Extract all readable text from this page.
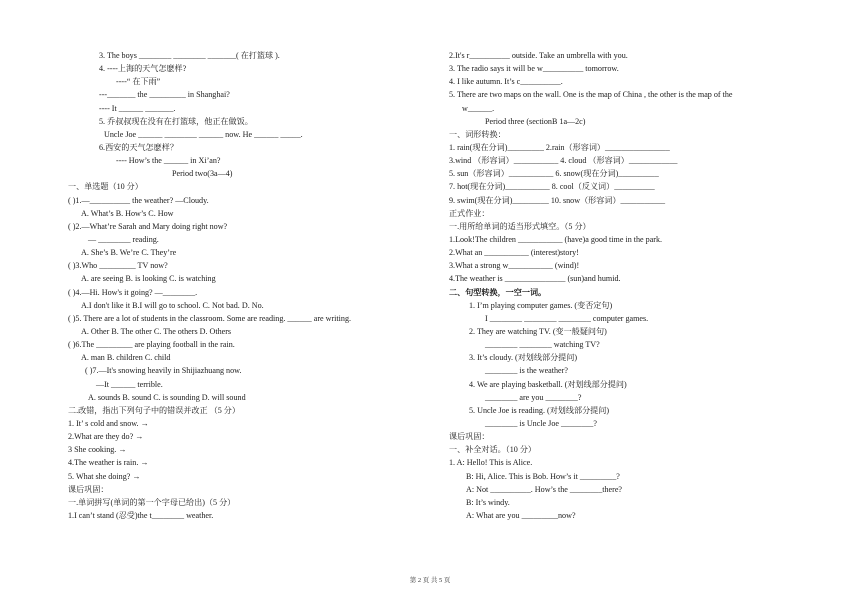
3. The boys ________ ________ _______( 在打篮球 ).
4. ----上海的天气怎麽样?
----“ 在下雨”
---_______ the _________ in Shanghai?
---- It ______ _______.
5. 乔叔叔现在没有在打篮球，他正在做饭。
Uncle Joe ______ ________ ______ now. He ______ _____.
6.西安的天气怎麽样？
---- How’s the ______ in Xi’an?
Period two(3a—4)
一、单选题（10 分）
( )1.—__________ the weather? —Cloudy.
A. What’s B. How’s C. How
( )2.—What’re Sarah and Mary doing right now?
— ________ reading.
A. She’s B. We’re C. They’re
( )3.Who _________ TV now?
A. are seeing B. is looking C. is watching
( )4.—Hi. How's it going? —________.
A.I don't like it B.I will go to school. C. Not bad. D. No.
( )5. There are a lot of students in the classroom. Some are reading. ______ are writing.
A. Other B. The other C. The others D. Others
( )6.The _________ are playing football in the rain.
A. man B. children C. child
( )7.—It's snowing heavily in Shijiazhuang now.
—It ______ terrible.
A. sounds B. sound C. is sounding D. will sound
二.改错，指出下列句子中的错误并改正 （5 分）
1. It’ s cold and snow. →
2.What are they do? →
3 She cooking. →
4.The weather is rain. →
5. What she doing? →
课后巩固：
一.单词拼写(单词的第一个字母已给出)（5 分）
1.I can’t stand (忍受)the t________ weather.
2.It's r__________ outside. Take an umbrella with you.
3. The radio says it will be w__________ tomorrow.
4. I like autumn. It’s c__________.
5. There are two maps on the wall. One is the map of China , the other is the map of the
w______.
Period three (sectionB 1a—2c)
一、词形转换：
1. rain(现在分词)_________ 2.rain（形容词）________________
3.wind （形容词）___________ 4. cloud （形容词）____________
5. sun（形容词）___________ 6. snow(现在分词)__________
7. hot(现在分词)___________ 8. cool（反义词）__________
9. swim(现在分词)_________ 10. snow（形容词）___________
正式作业：
一.用所给单词的适当形式填空。（5 分）
1.Look!The children ___________ (have)a good time in the park.
2.What an ___________ (interest)story!
3.What a strong w___________ (wind)!
4.The weather is _______________ (sun)and humid.
二、句型转换，一空一词。
1. I’m playing computer games. (变否定句)
I ________ ________ ________ computer games.
2. They are watching TV. (变一般疑问句)
________ ________ watching TV?
3. It’s cloudy. (对划线部分提问)
________ is the weather?
4. We are playing basketball. (对划线部分提问)
________ are you ________?
5. Uncle Joe is reading. (对划线部分提问)
________ is Uncle Joe ________?
课后巩固：
一、补全对话。（10 分）
1. A: Hello! This is Alice.
B: Hi, Alice. This is Bob. How’s it _________?
A: Not __________. How’s the ________there?
B: It’s windy.
A: What are you _________now?
第 2 页 共 5 页
